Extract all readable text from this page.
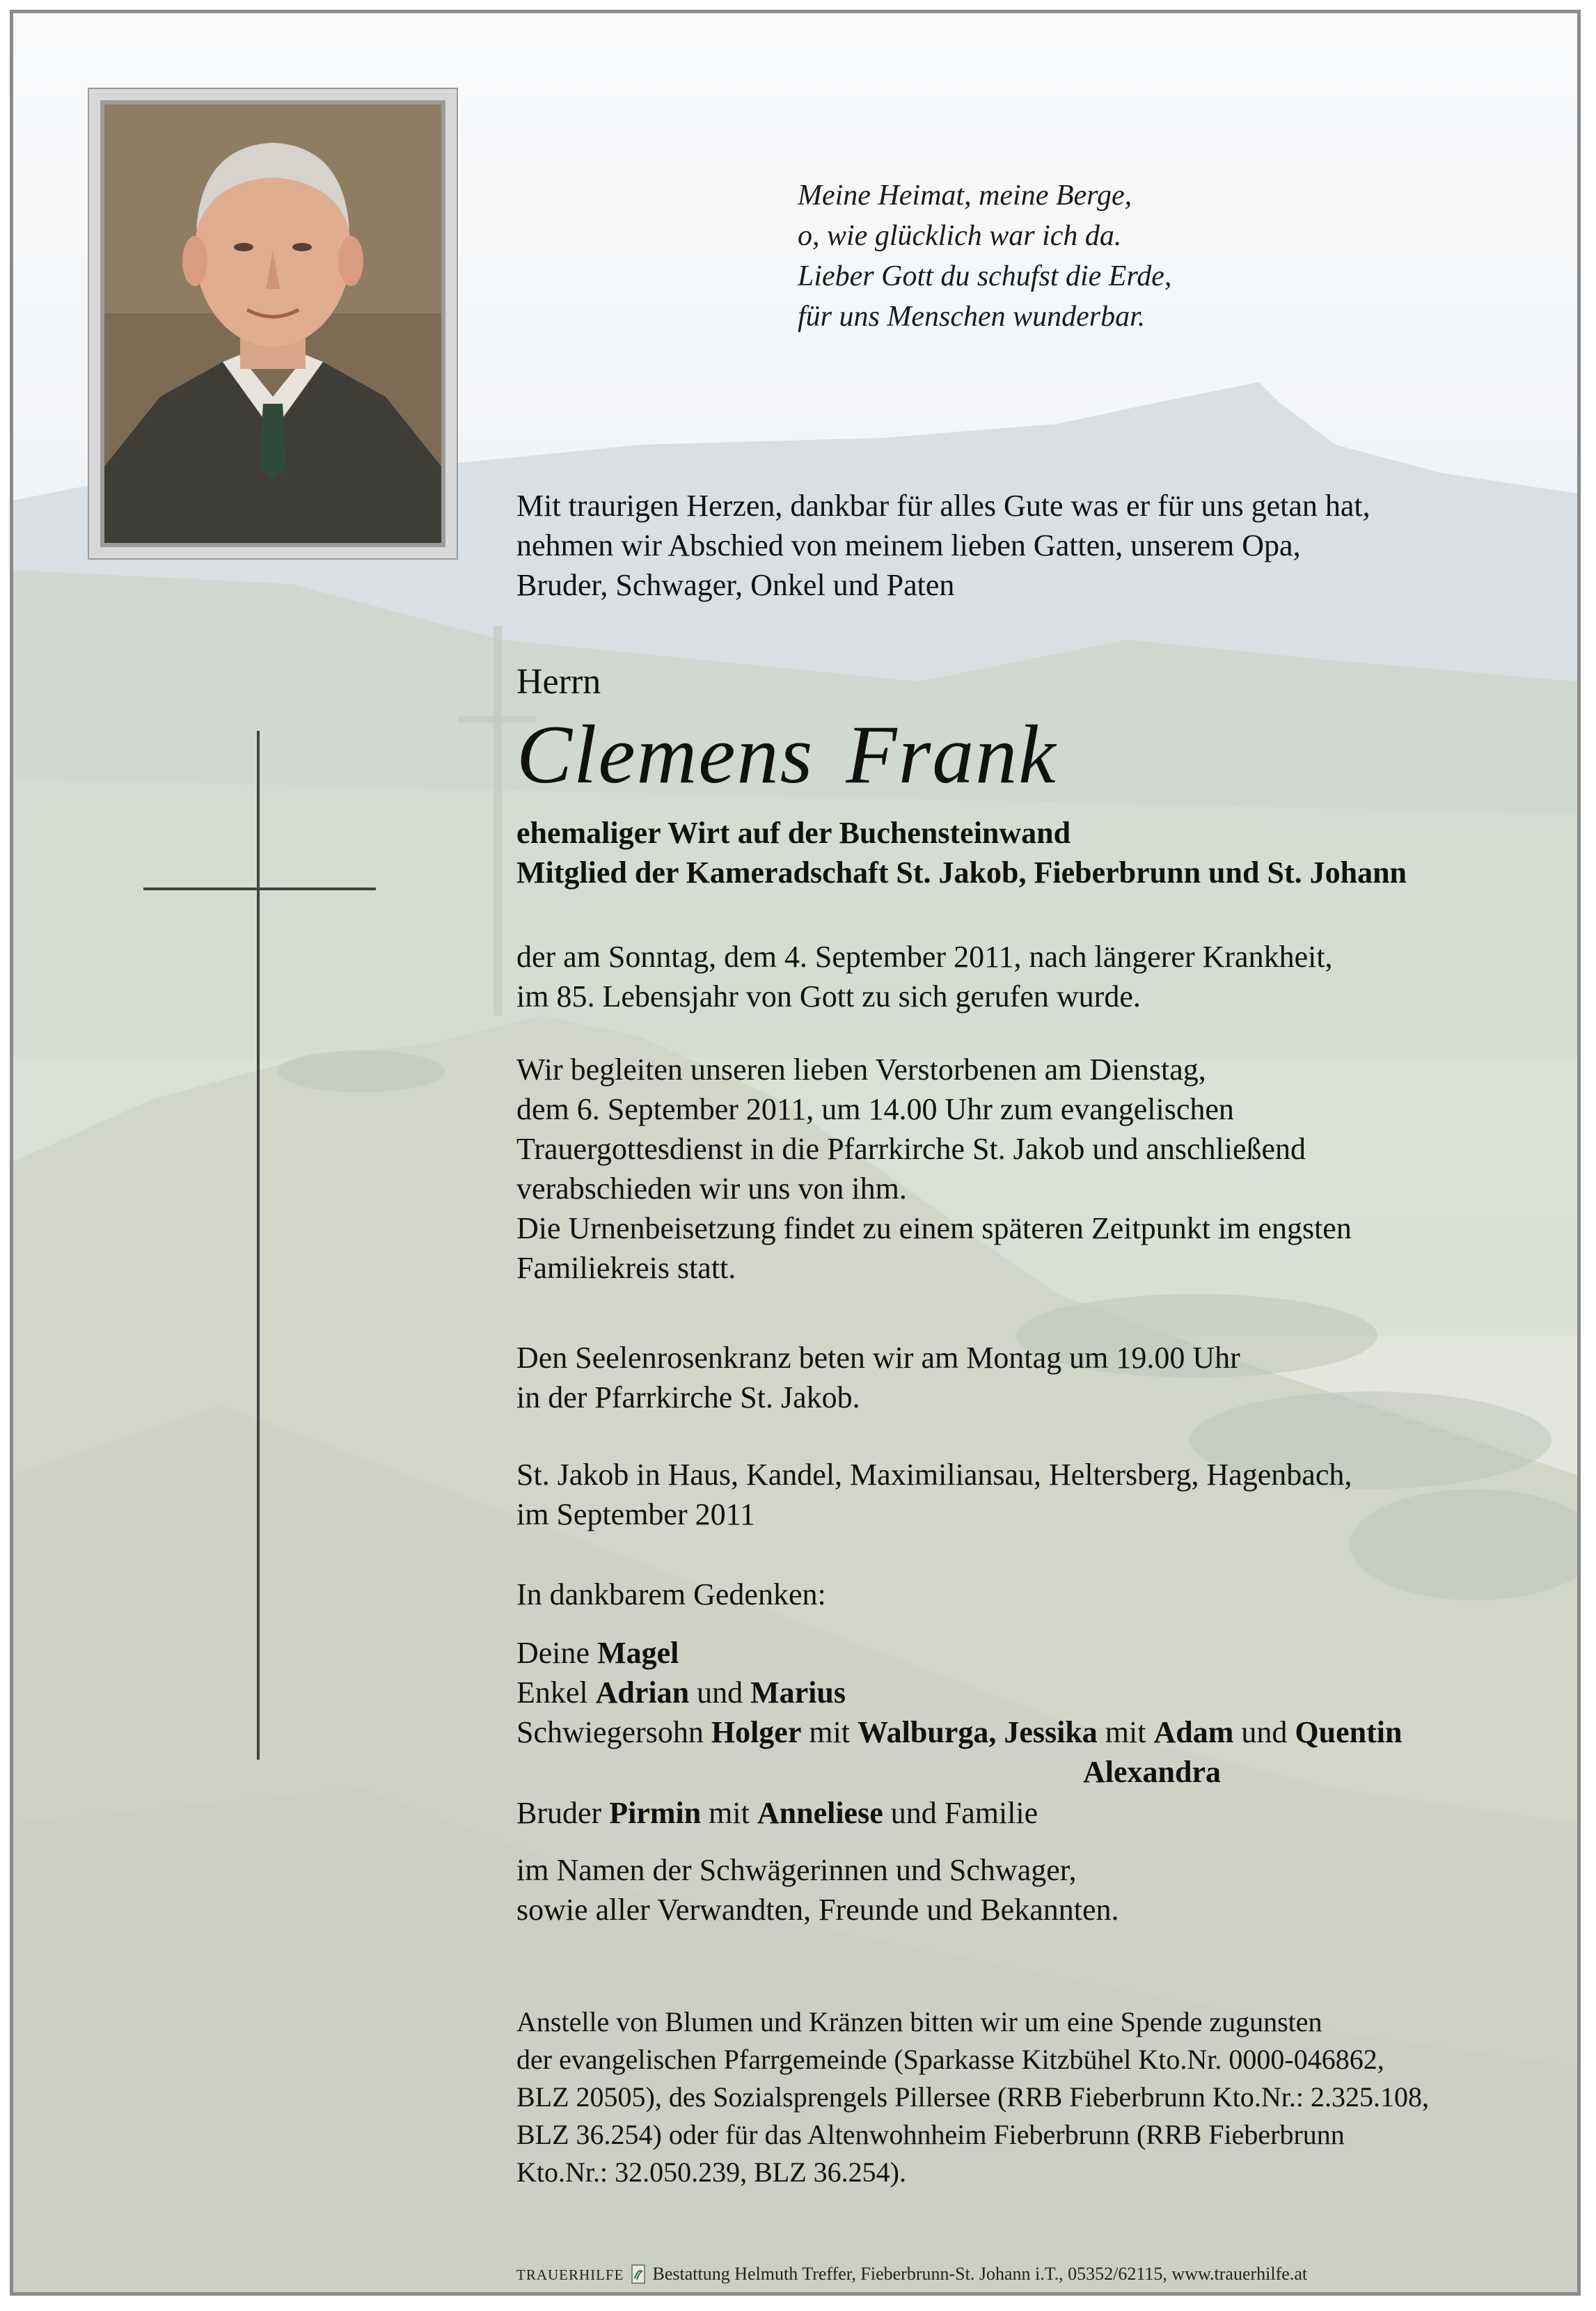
Meine Heimat, meine Berge,
o, wie glücklich war ich da.
Lieber Gott du schufst die Erde,
für uns Menschen wunderbar.
Mit traurigen Herzen, dankbar für alles Gute was er für uns getan hat,
nehmen wir Abschied von meinem lieben Gatten, unserem Opa,
Bruder, Schwager, Onkel und Paten
Herrn
Clemens Frank
ehemaliger Wirt auf der Buchensteinwand
Mitglied der Kameradschaft St. Jakob, Fieberbrunn und St. Johann
der am Sonntag, dem 4. September 2011, nach längerer Krankheit,
im 85. Lebensjahr von Gott zu sich gerufen wurde.
Wir begleiten unseren lieben Verstorbenen am Dienstag,
dem 6. September 2011, um 14.00 Uhr zum evangelischen
Trauergottesdienst in die Pfarrkirche St. Jakob und anschließend
verabschieden wir uns von ihm.
Die Urnenbeisetzung findet zu einem späteren Zeitpunkt im engsten
Familiekreis statt.
Den Seelenrosenkranz beten wir am Montag um 19.00 Uhr
in der Pfarrkirche St. Jakob.
St. Jakob in Haus, Kandel, Maximiliansau, Heltersberg, Hagenbach,
im September 2011
In dankbarem Gedenken:
Deine Magel
Enkel Adrian und Marius
Schwiegersohn Holger mit Walburga, Jessika mit Adam und Quentin
Alexandra
Bruder Pirmin mit Anneliese und Familie
im Namen der Schwägerinnen und Schwager,
sowie aller Verwandten, Freunde und Bekannten.
Anstelle von Blumen und Kränzen bitten wir um eine Spende zugunsten
der evangelischen Pfarrgemeinde (Sparkasse Kitzbühel Kto.Nr. 0000-046862,
BLZ 20505), des Sozialsprengels Pillersee (RRB Fieberbrunn Kto.Nr.: 2.325.108,
BLZ 36.254) oder für das Altenwohnheim Fieberbrunn (RRB Fieberbrunn
Kto.Nr.: 32.050.239, BLZ 36.254).
TRAUERHILFE Bestattung Helmuth Treffer, Fieberbrunn-St. Johann i.T., 05352/62115, www.trauerhilfe.at
